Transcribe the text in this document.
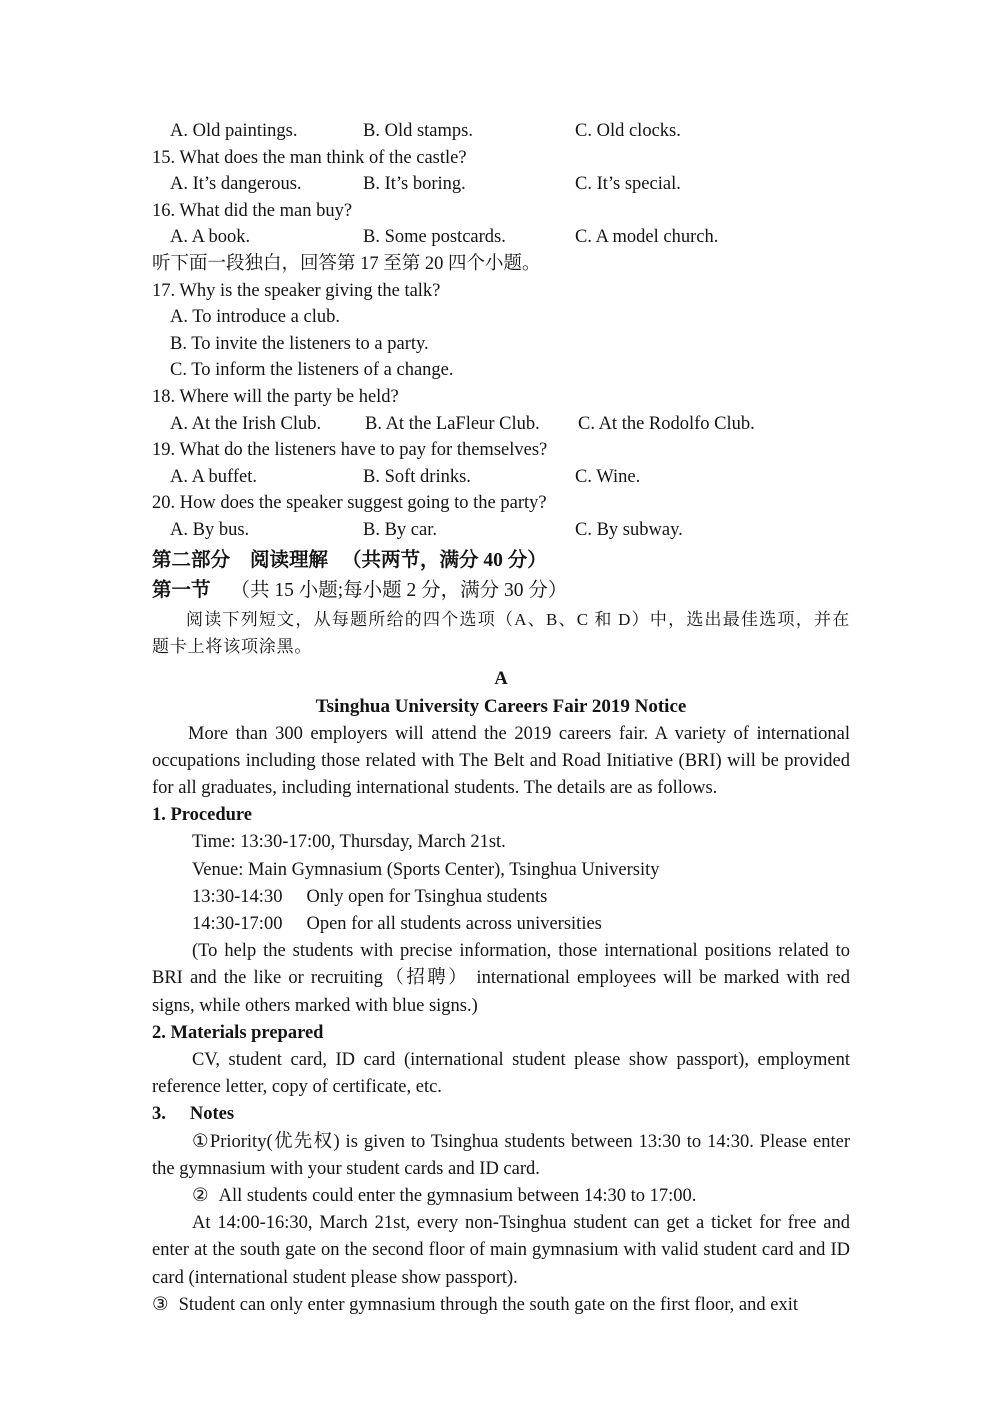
A. Old paintings.	B. Old stamps.	C. Old clocks.
15. What does the man think of the castle?
A. It’s dangerous.	B. It’s boring.	C. It’s special.
16. What did the man buy?
A. A book.	B. Some postcards.	C. A model church.
听下面一段独白，回答第 17 至第 20 四个小题。
17. Why is the speaker giving the talk?
A. To introduce a club.
B. To invite the listeners to a party.
C. To inform the listeners of a change.
18. Where will the party be held?
A. At the Irish Club. B. At the LaFleur Club. C. At the Rodolfo Club.
19. What do the listeners have to pay for themselves?
A. A buffet.	B. Soft drinks.	C. Wine.
20. How does the speaker suggest going to the party?
A. By bus.	B. By car.	C. By subway.
第二部分 阅读理解 （共两节，满分 40 分）
第一节 （共 15 小题;每小题 2 分，满分 30 分）
阅读下列短文，从每题所给的四个选项（A、B、C 和 D）中，选出最佳选项，并在题卡上将该项涂黑。
A
Tsinghua University Careers Fair 2019 Notice
More than 300 employers will attend the 2019 careers fair. A variety of international occupations including those related with The Belt and Road Initiative (BRI) will be provided for all graduates, including international students. The details are as follows.
1. Procedure
Time: 13:30-17:00, Thursday, March 21st.
Venue: Main Gymnasium (Sports Center), Tsinghua University
13:30-14:30 Only open for Tsinghua students
14:30-17:00 Open for all students across universities
(To help the students with precise information, those international positions related to BRI and the like or recruiting（招聘） international employees will be marked with red signs, while others marked with blue signs.)
2. Materials prepared
CV, student card, ID card (international student please show passport), employment reference letter, copy of certificate, etc.
3. Notes
①Priority(优先权) is given to Tsinghua students between 13:30 to 14:30. Please enter the gymnasium with your student cards and ID card.
② All students could enter the gymnasium between 14:30 to 17:00.
At 14:00-16:30, March 21st, every non-Tsinghua student can get a ticket for free and enter at the south gate on the second floor of main gymnasium with valid student card and ID card (international student please show passport).
③ Student can only enter gymnasium through the south gate on the first floor, and exit
